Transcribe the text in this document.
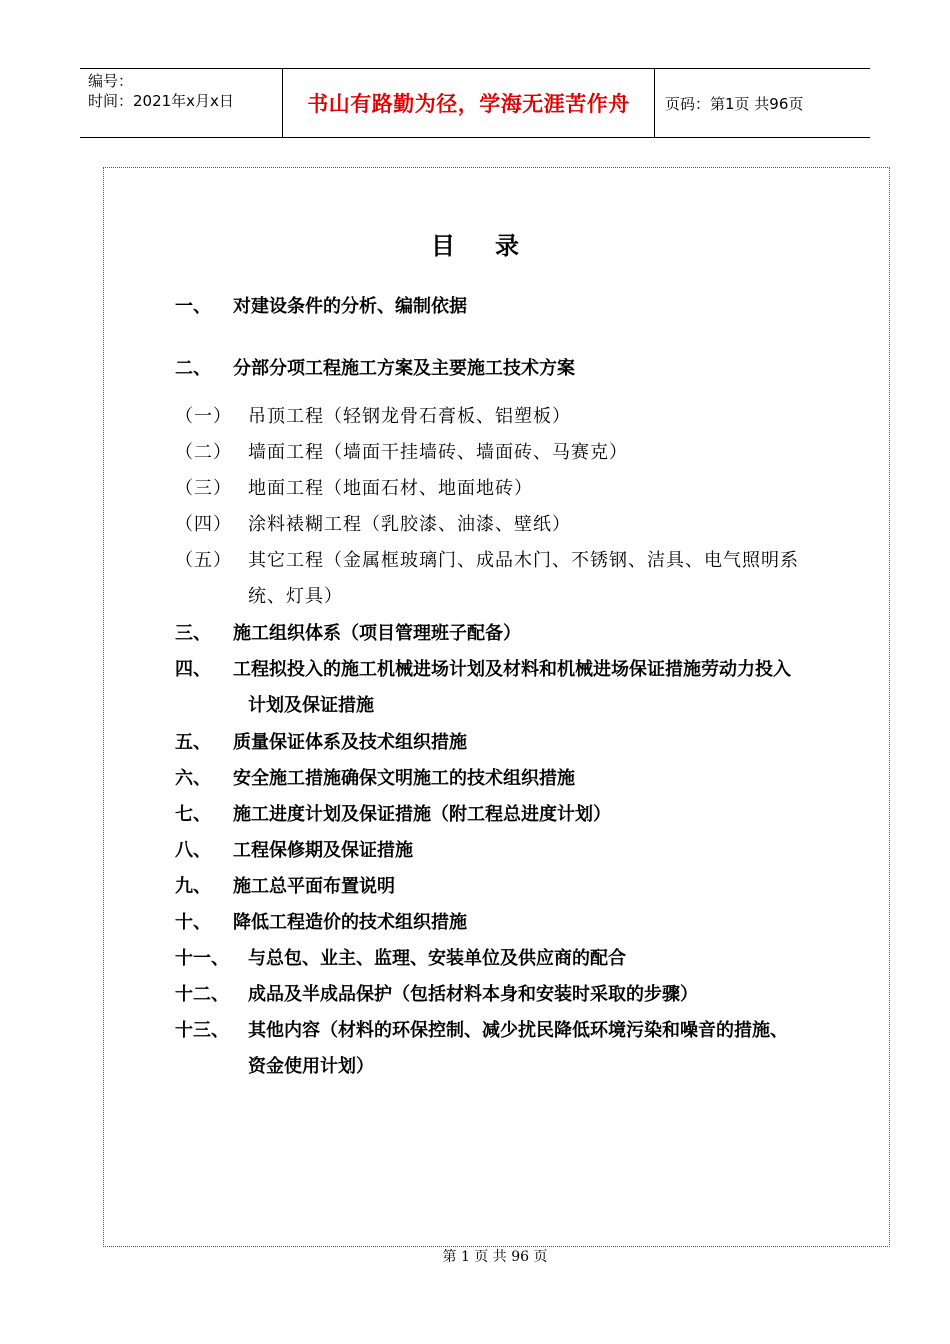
编号：
时间：2021年x月x日	书山有路勤为径，学海无涯苦作舟	页码：第1页 共96页
目录
一、 对建设条件的分析、编制依据
二、 分部分项工程施工方案及主要施工技术方案
（一） 吊顶工程（轻钢龙骨石膏板、铝塑板）
（二） 墙面工程（墙面干挂墙砖、墙面砖、马赛克）
（三） 地面工程（地面石材、地面地砖）
（四） 涂料裱糊工程（乳胶漆、油漆、壁纸）
（五） 其它工程（金属框玻璃门、成品木门、不锈钢、洁具、电气照明系
统、灯具）
三、 施工组织体系（项目管理班子配备）
四、 工程拟投入的施工机械进场计划及材料和机械进场保证措施劳动力投入
计划及保证措施
五、 质量保证体系及技术组织措施
六、 安全施工措施确保文明施工的技术组织措施
七、 施工进度计划及保证措施（附工程总进度计划）
八、 工程保修期及保证措施
九、 施工总平面布置说明
十、 降低工程造价的技术组织措施
十一、 与总包、业主、监理、安装单位及供应商的配合
十二、 成品及半成品保护（包括材料本身和安装时采取的步骤）
十三、 其他内容（材料的环保控制、减少扰民降低环境污染和噪音的措施、
资金使用计划）
第 1 页 共 96 页
